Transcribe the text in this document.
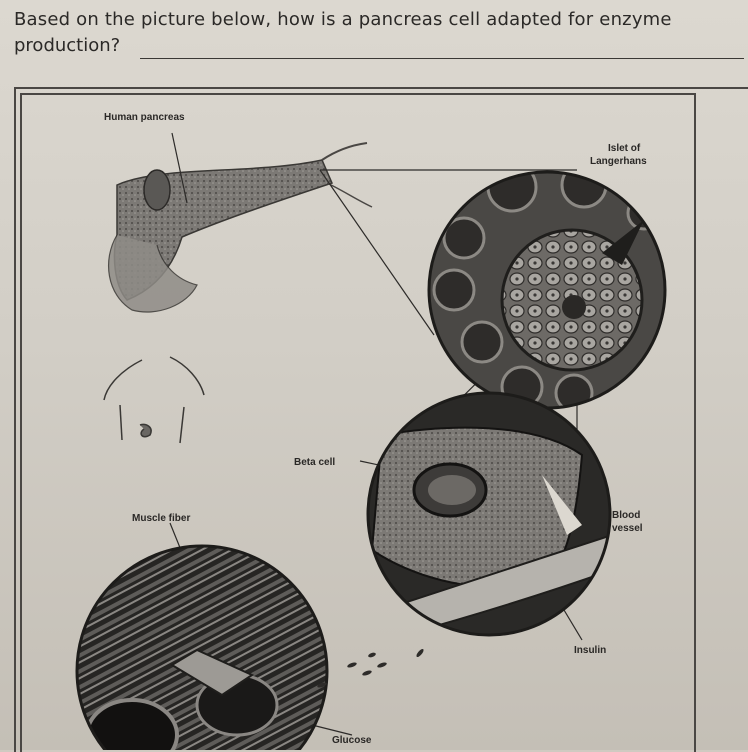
Based on the picture below, how is a pancreas cell adapted for enzyme
production?
Human pancreas
Islet of
Langerhans
Beta cell
Muscle fiber	Blood
vessel
Insulin
Glucose
